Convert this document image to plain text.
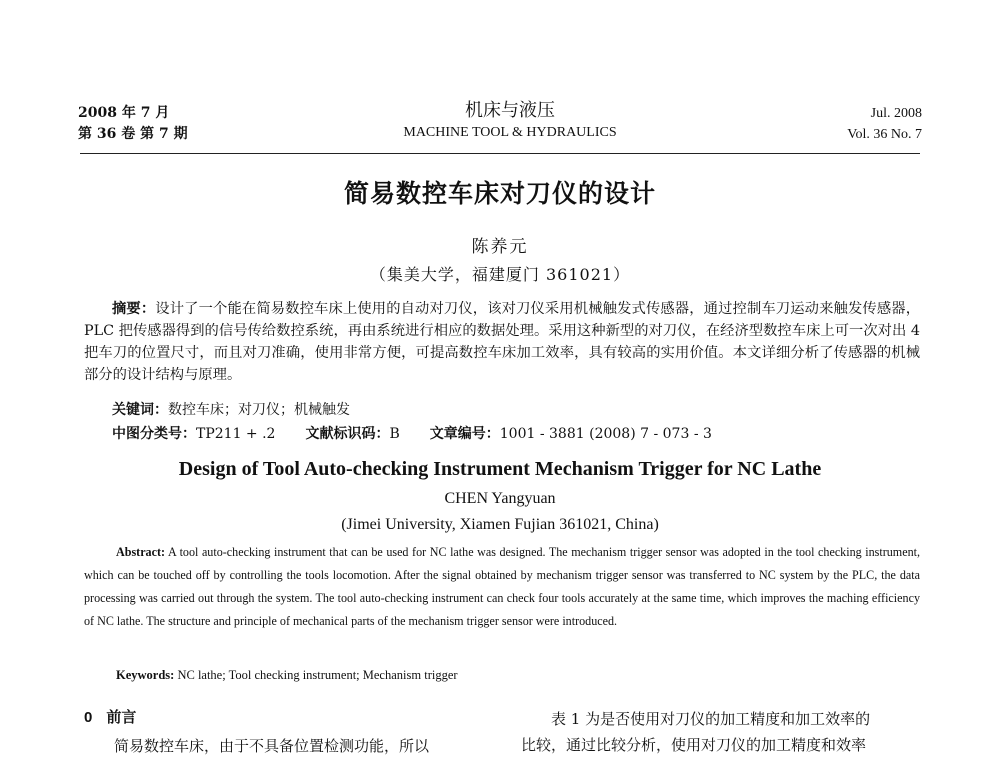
2008 年 7 月
第 36 卷 第 7 期
机床与液压
MACHINE TOOL & HYDRAULICS
Jul. 2008
Vol. 36 No. 7
简易数控车床对刀仪的设计
陈养元
（集美大学，福建厦门 361021）
摘要：设计了一个能在简易数控车床上使用的自动对刀仪，该对刀仪采用机械触发式传感器，通过控制车刀运动来触发传感器，PLC 把传感器得到的信号传给数控系统，再由系统进行相应的数据处理。采用这种新型的对刀仪，在经济型数控车床上可一次对出 4 把车刀的位置尺寸，而且对刀准确，使用非常方便，可提高数控车床加工效率，具有较高的实用价值。本文详细分析了传感器的机械部分的设计结构与原理。
关键词：数控车床；对刀仪；机械触发
中图分类号：TP211 + .2 文献标识码：B 文章编号：1001 - 3881 (2008) 7 - 073 - 3
Design of Tool Auto-checking Instrument Mechanism Trigger for NC Lathe
CHEN Yangyuan
(Jimei University, Xiamen Fujian 361021, China)
Abstract: A tool auto-checking instrument that can be used for NC lathe was designed. The mechanism trigger sensor was adopted in the tool checking instrument, which can be touched off by controlling the tools locomotion. After the signal obtained by mechanism trigger sensor was transferred to NC system by the PLC, the data processing was carried out through the system. The tool auto-checking instrument can check four tools accurately at the same time, which improves the maching efficiency of NC lathe. The structure and principle of mechanical parts of the mechanism trigger sensor were introduced.
Keywords: NC lathe; Tool checking instrument; Mechanism trigger
0 前言
简易数控车床，由于不具备位置检测功能，所以
表 1 为是否使用对刀仪的加工精度和加工效率的
比较，通过比较分析，使用对刀仪的加工精度和效率
